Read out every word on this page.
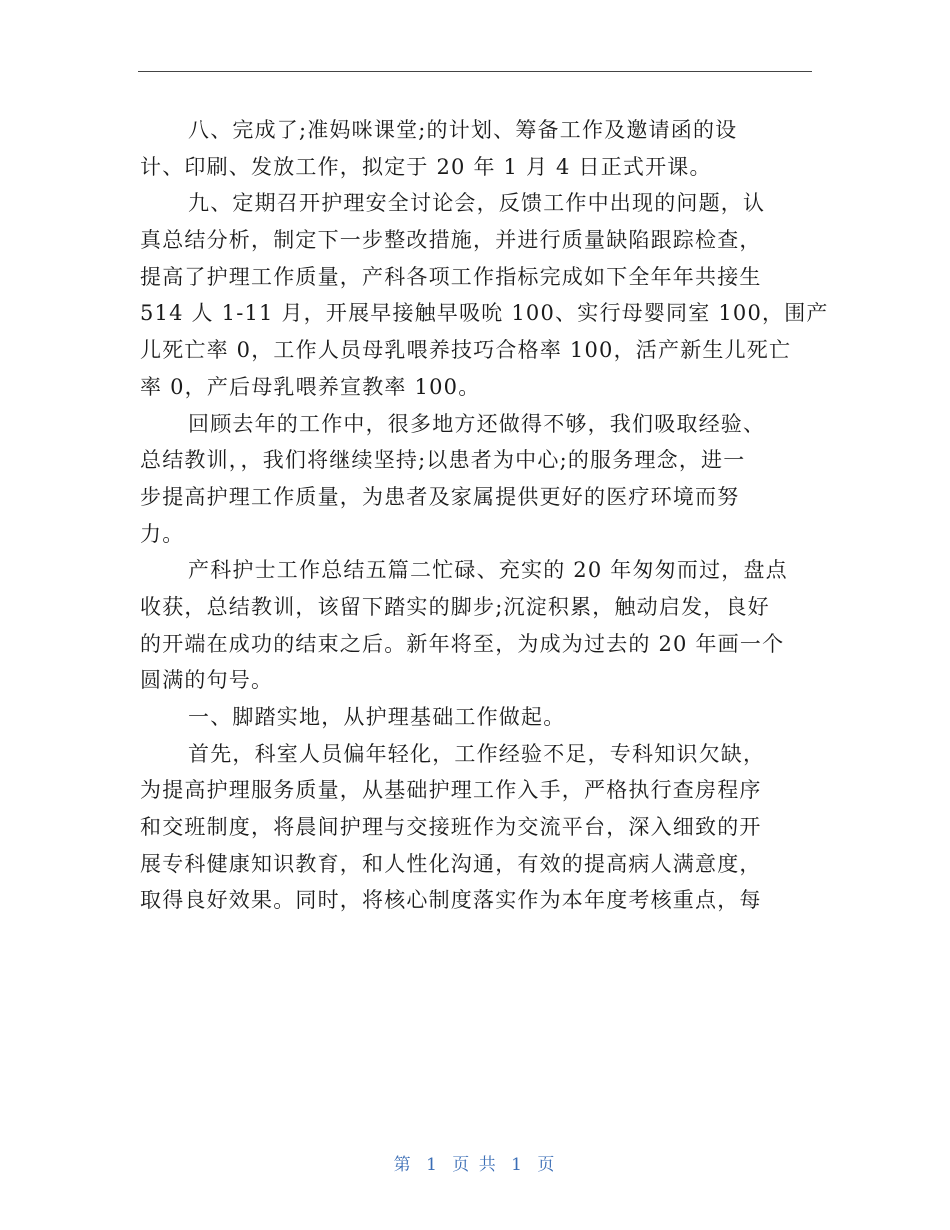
八、完成了;准妈咪课堂;的计划、筹备工作及邀请函的设
计、印刷、发放工作，拟定于 20 年 1 月 4 日正式开课。
九、定期召开护理安全讨论会，反馈工作中出现的问题，认
真总结分析，制定下一步整改措施，并进行质量缺陷跟踪检查，
提高了护理工作质量，产科各项工作指标完成如下全年年共接生
514 人 1-11 月，开展早接触早吸吮 100、实行母婴同室 100，围产
儿死亡率 0，工作人员母乳喂养技巧合格率 100，活产新生儿死亡
率 0，产后母乳喂养宣教率 100。
回顾去年的工作中，很多地方还做得不够，我们吸取经验、
总结教训，，我们将继续坚持;以患者为中心;的服务理念，进一
步提高护理工作质量，为患者及家属提供更好的医疗环境而努
力。
产科护士工作总结五篇二忙碌、充实的 20 年匆匆而过，盘点
收获，总结教训，该留下踏实的脚步;沉淀积累，触动启发，良好
的开端在成功的结束之后。新年将至，为成为过去的 20 年画一个
圆满的句号。
一、脚踏实地，从护理基础工作做起。
首先，科室人员偏年轻化，工作经验不足，专科知识欠缺，
为提高护理服务质量，从基础护理工作入手，严格执行查房程序
和交班制度，将晨间护理与交接班作为交流平台，深入细致的开
展专科健康知识教育，和人性化沟通，有效的提高病人满意度，
取得良好效果。同时，将核心制度落实作为本年度考核重点，每
第 1 页 共 1 页
